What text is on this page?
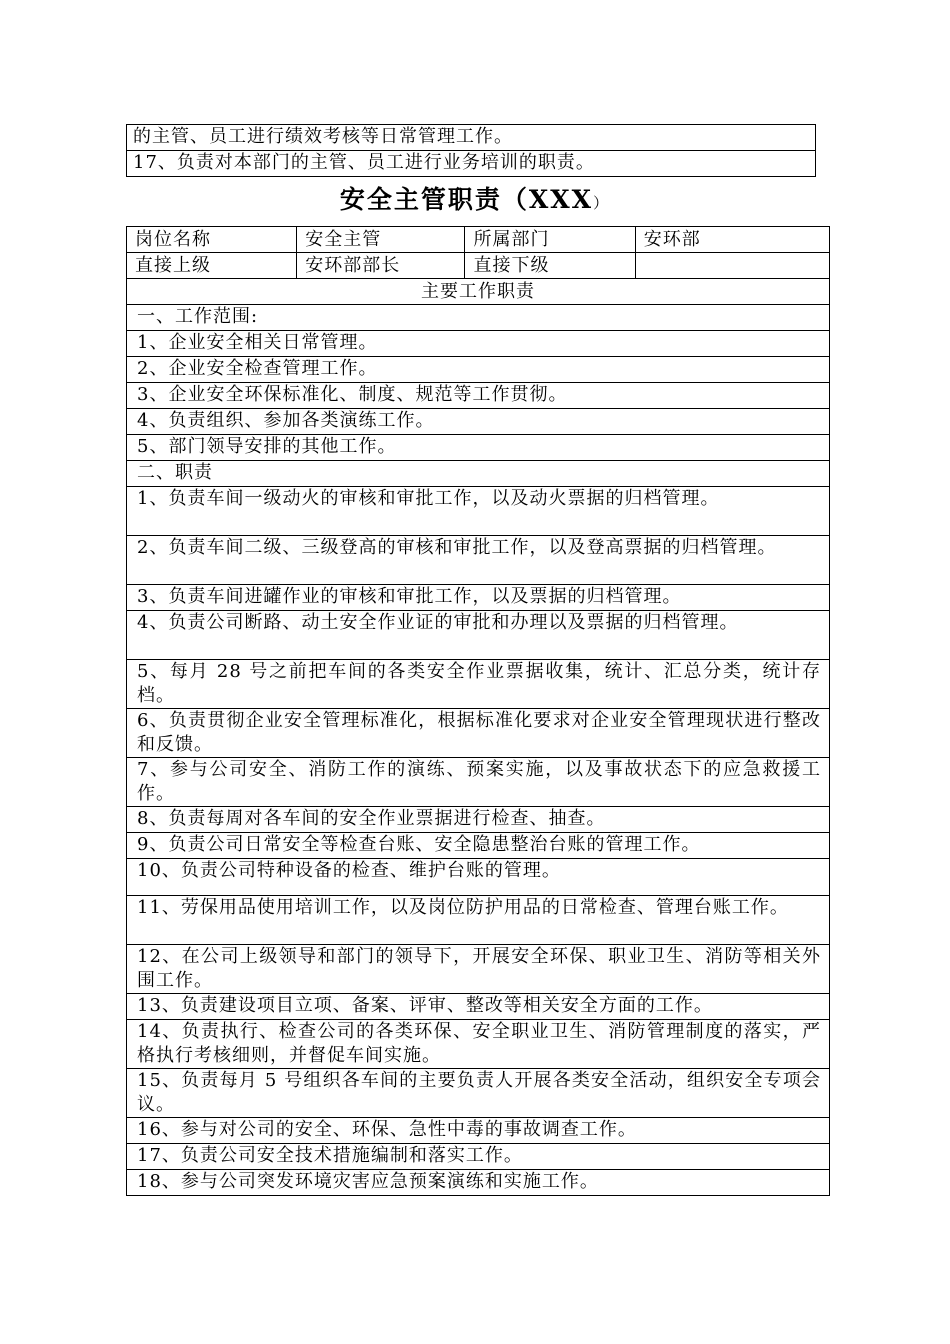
的主管、员工进行绩效考核等日常管理工作。
17、负责对本部门的主管、员工进行业务培训的职责。
安全主管职责（XXX）
岗位名称	安全主管	所属部门	安环部
直接上级	安环部部长	直接下级	
主要工作职责			
一、工作范围:			
1、企业安全相关日常管理。			
2、企业安全检查管理工作。			
3、企业安全环保标准化、制度、规范等工作贯彻。			
4、负责组织、参加各类演练工作。			
5、部门领导安排的其他工作。			
二、职责			
1、负责车间一级动火的审核和审批工作，以及动火票据的归档管理。			
2、负责车间二级、三级登高的审核和审批工作，以及登高票据的归档管理。			
3、负责车间进罐作业的审核和审批工作，以及票据的归档管理。			
4、负责公司断路、动土安全作业证的审批和办理以及票据的归档管理。			
5、每月 28 号之前把车间的各类安全作业票据收集，统计、汇总分类，统计存档。			
6、负责贯彻企业安全管理标准化，根据标准化要求对企业安全管理现状进行整改和反馈。			
7、参与公司安全、消防工作的演练、预案实施，以及事故状态下的应急救援工作。			
8、负责每周对各车间的安全作业票据进行检查、抽查。			
9、负责公司日常安全等检查台账、安全隐患整治台账的管理工作。			
10、负责公司特种设备的检查、维护台账的管理。			
11、劳保用品使用培训工作，以及岗位防护用品的日常检查、管理台账工作。			
12、在公司上级领导和部门的领导下，开展安全环保、职业卫生、消防等相关外围工作。			
13、负责建设项目立项、备案、评审、整改等相关安全方面的工作。			
14、负责执行、检查公司的各类环保、安全职业卫生、消防管理制度的落实，严格执行考核细则，并督促车间实施。			
15、负责每月 5 号组织各车间的主要负责人开展各类安全活动，组织安全专项会议。			
16、参与对公司的安全、环保、急性中毒的事故调查工作。			
17、负责公司安全技术措施编制和落实工作。			
18、参与公司突发环境灾害应急预案演练和实施工作。			
